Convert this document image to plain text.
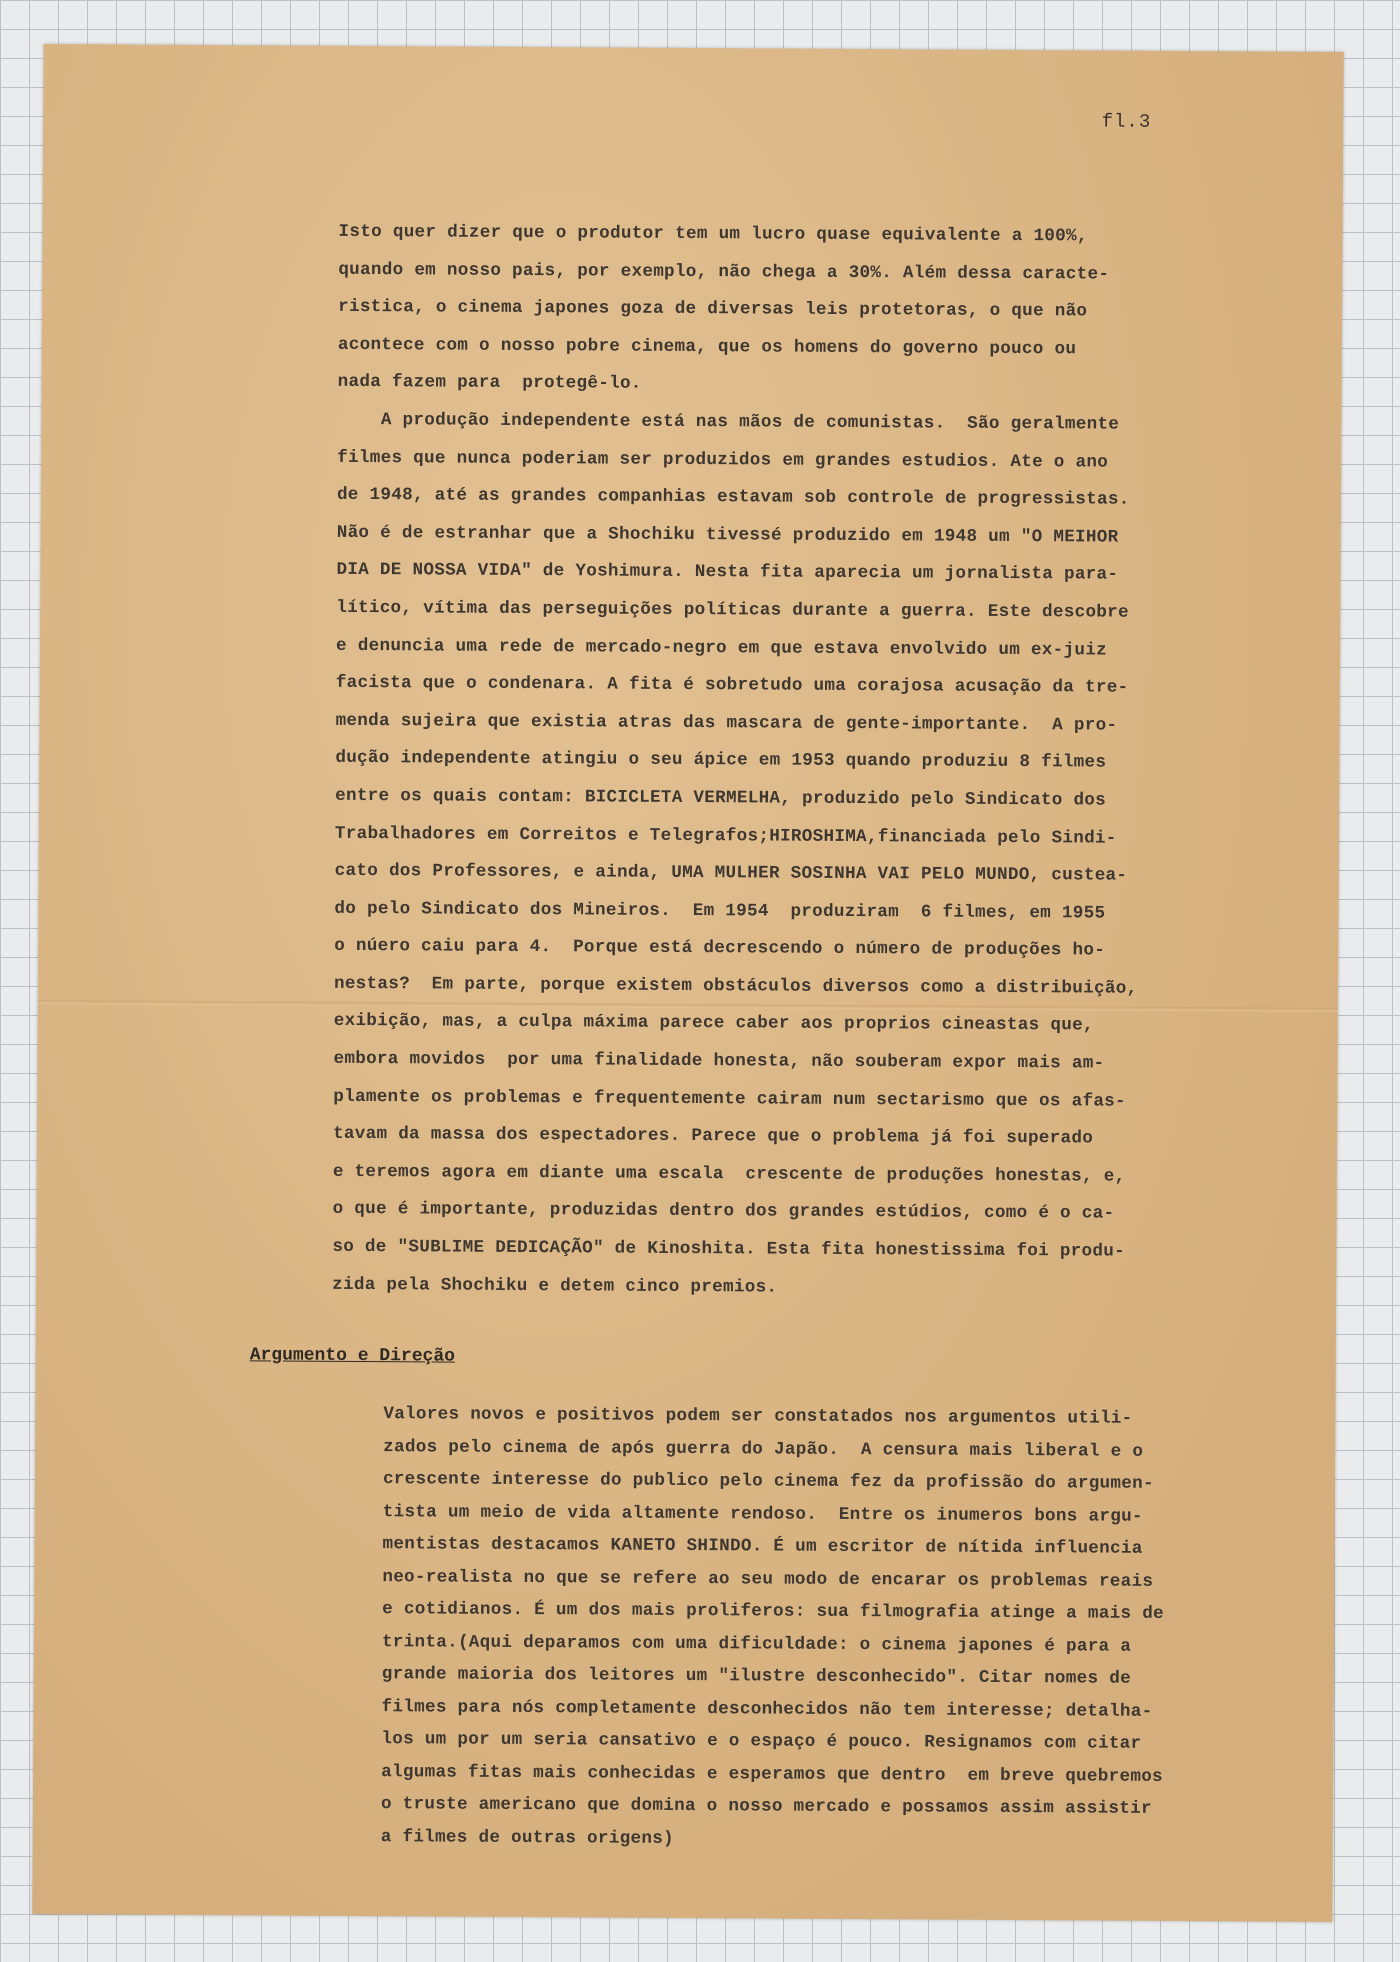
fl.3
Isto quer dizer que o produtor tem um lucro quase equivalente a 100%,
quando em nosso pais, por exemplo, não chega a 30%. Além dessa caracte-
ristica, o cinema japones goza de diversas leis protetoras, o que não
acontece com o nosso pobre cinema, que os homens do governo pouco ou
nada fazem para  protegê-lo.
A produção independente está nas mãos de comunistas.  São geralmente
filmes que nunca poderiam ser produzidos em grandes estudios. Ate o ano
de 1948, até as grandes companhias estavam sob controle de progressistas.
Não é de estranhar que a Shochiku tivessé produzido em 1948 um "O MEIHOR
DIA DE NOSSA VIDA" de Yoshimura. Nesta fita aparecia um jornalista para-
lítico, vítima das perseguições políticas durante a guerra. Este descobre
e denuncia uma rede de mercado-negro em que estava envolvido um ex-juiz
facista que o condenara. A fita é sobretudo uma corajosa acusação da tre-
menda sujeira que existia atras das mascara de gente-importante.  A pro-
dução independente atingiu o seu ápice em 1953 quando produziu 8 filmes
entre os quais contam: BICICLETA VERMELHA, produzido pelo Sindicato dos
Trabalhadores em Correitos e Telegrafos;HIROSHIMA,financiada pelo Sindi-
cato dos Professores, e ainda, UMA MULHER SOSINHA VAI PELO MUNDO, custea-
do pelo Sindicato dos Mineiros.  Em 1954  produziram  6 filmes, em 1955
o núero caiu para 4.  Porque está decrescendo o número de produções ho-
nestas?  Em parte, porque existem obstáculos diversos como a distribuição,
exibição, mas, a culpa máxima parece caber aos proprios cineastas que,
embora movidos  por uma finalidade honesta, não souberam expor mais am-
plamente os problemas e frequentemente cairam num sectarismo que os afas-
tavam da massa dos espectadores. Parece que o problema já foi superado
e teremos agora em diante uma escala  crescente de produções honestas, e,
o que é importante, produzidas dentro dos grandes estúdios, como é o ca-
so de "SUBLIME DEDICAÇÃO" de Kinoshita. Esta fita honestissima foi produ-
zida pela Shochiku e detem cinco premios.
Argumento e Direção
Valores novos e positivos podem ser constatados nos argumentos utili-
zados pelo cinema de após guerra do Japão.  A censura mais liberal e o
crescente interesse do publico pelo cinema fez da profissão do argumen-
tista um meio de vida altamente rendoso.  Entre os inumeros bons argu-
mentistas destacamos KANETO SHINDO. É um escritor de nítida influencia
neo-realista no que se refere ao seu modo de encarar os problemas reais
e cotidianos. É um dos mais proliferos: sua filmografia atinge a mais de
trinta.(Aqui deparamos com uma dificuldade: o cinema japones é para a
grande maioria dos leitores um "ilustre desconhecido". Citar nomes de
filmes para nós completamente desconhecidos não tem interesse; detalha-
los um por um seria cansativo e o espaço é pouco. Resignamos com citar
algumas fitas mais conhecidas e esperamos que dentro  em breve quebremos
o truste americano que domina o nosso mercado e possamos assim assistir
a filmes de outras origens)
